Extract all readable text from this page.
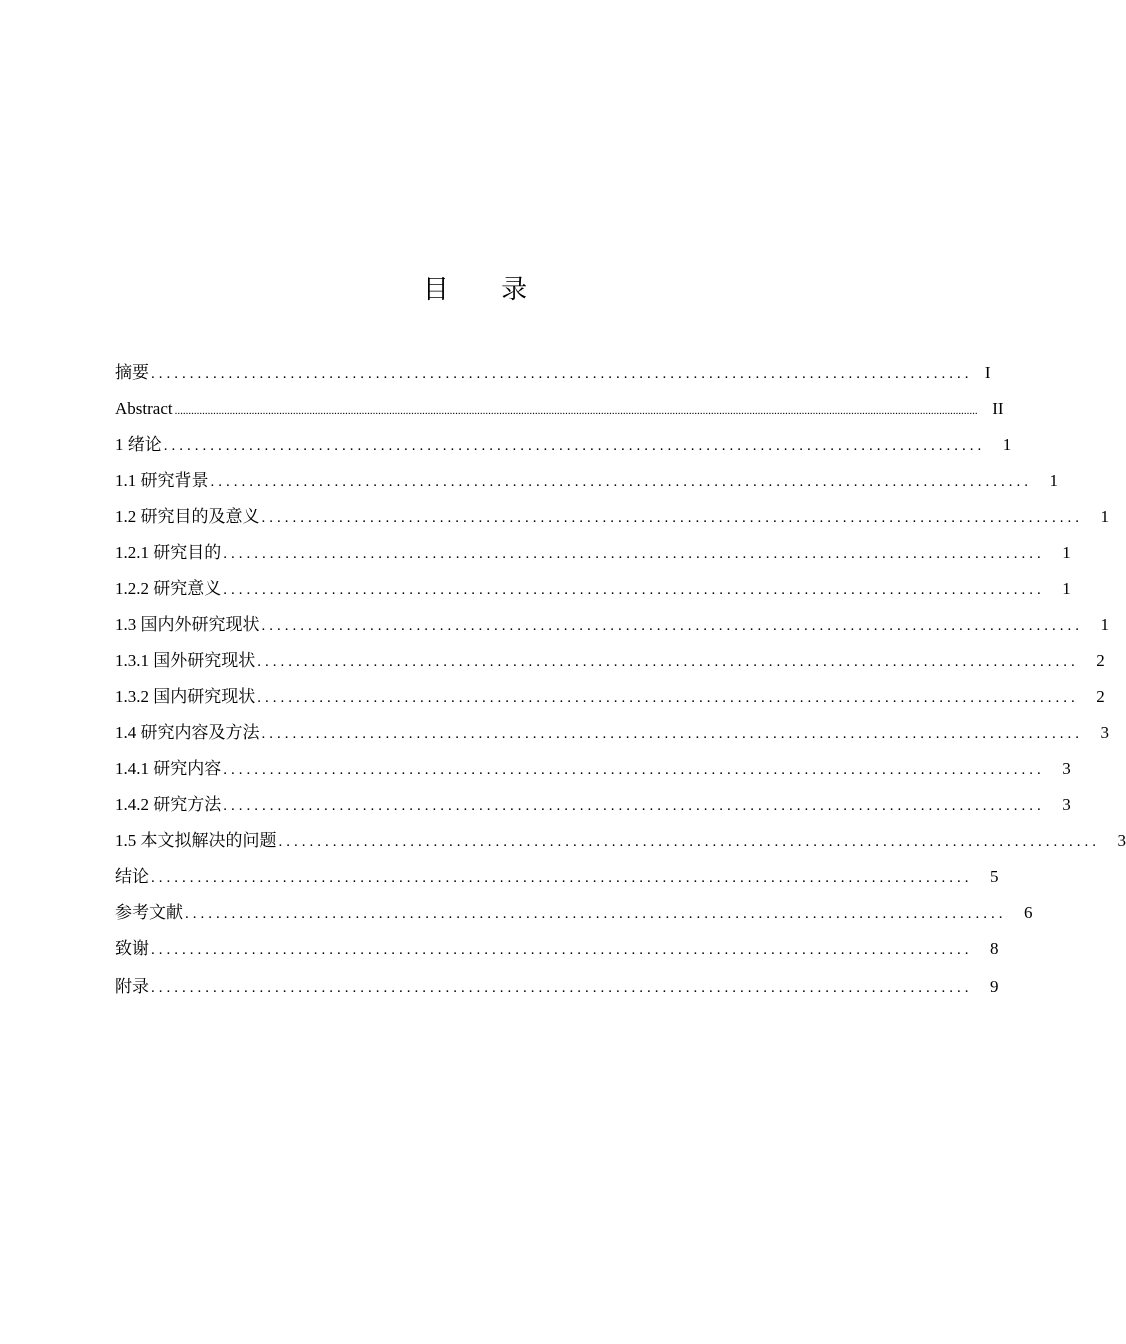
目 录
摘要 .......................................................................................................... I
Abstract .................................................................................................................................................................................................................................................................................................... II
1 绪论 ..........................................................................................................	1
1.1 研究背景 ..........................................................................................................	1
1.2 研究目的及意义 ..........................................................................................................	1
1.2.1 研究目的 ..........................................................................................................	1
1.2.2 研究意义 ..........................................................................................................	1
1.3 国内外研究现状 ..........................................................................................................	1
1.3.1 国外研究现状 ..........................................................................................................	2
1.3.2 国内研究现状 ..........................................................................................................	2
1.4 研究内容及方法 ..........................................................................................................	3
1.4.1 研究内容 ..........................................................................................................	3
1.4.2 研究方法 ..........................................................................................................	3
1.5 本文拟解决的问题 ..........................................................................................................	3
结论 ..........................................................................................................	5
参考文献 ..........................................................................................................	6
致谢 ..........................................................................................................	8
附录 ..........................................................................................................	9
